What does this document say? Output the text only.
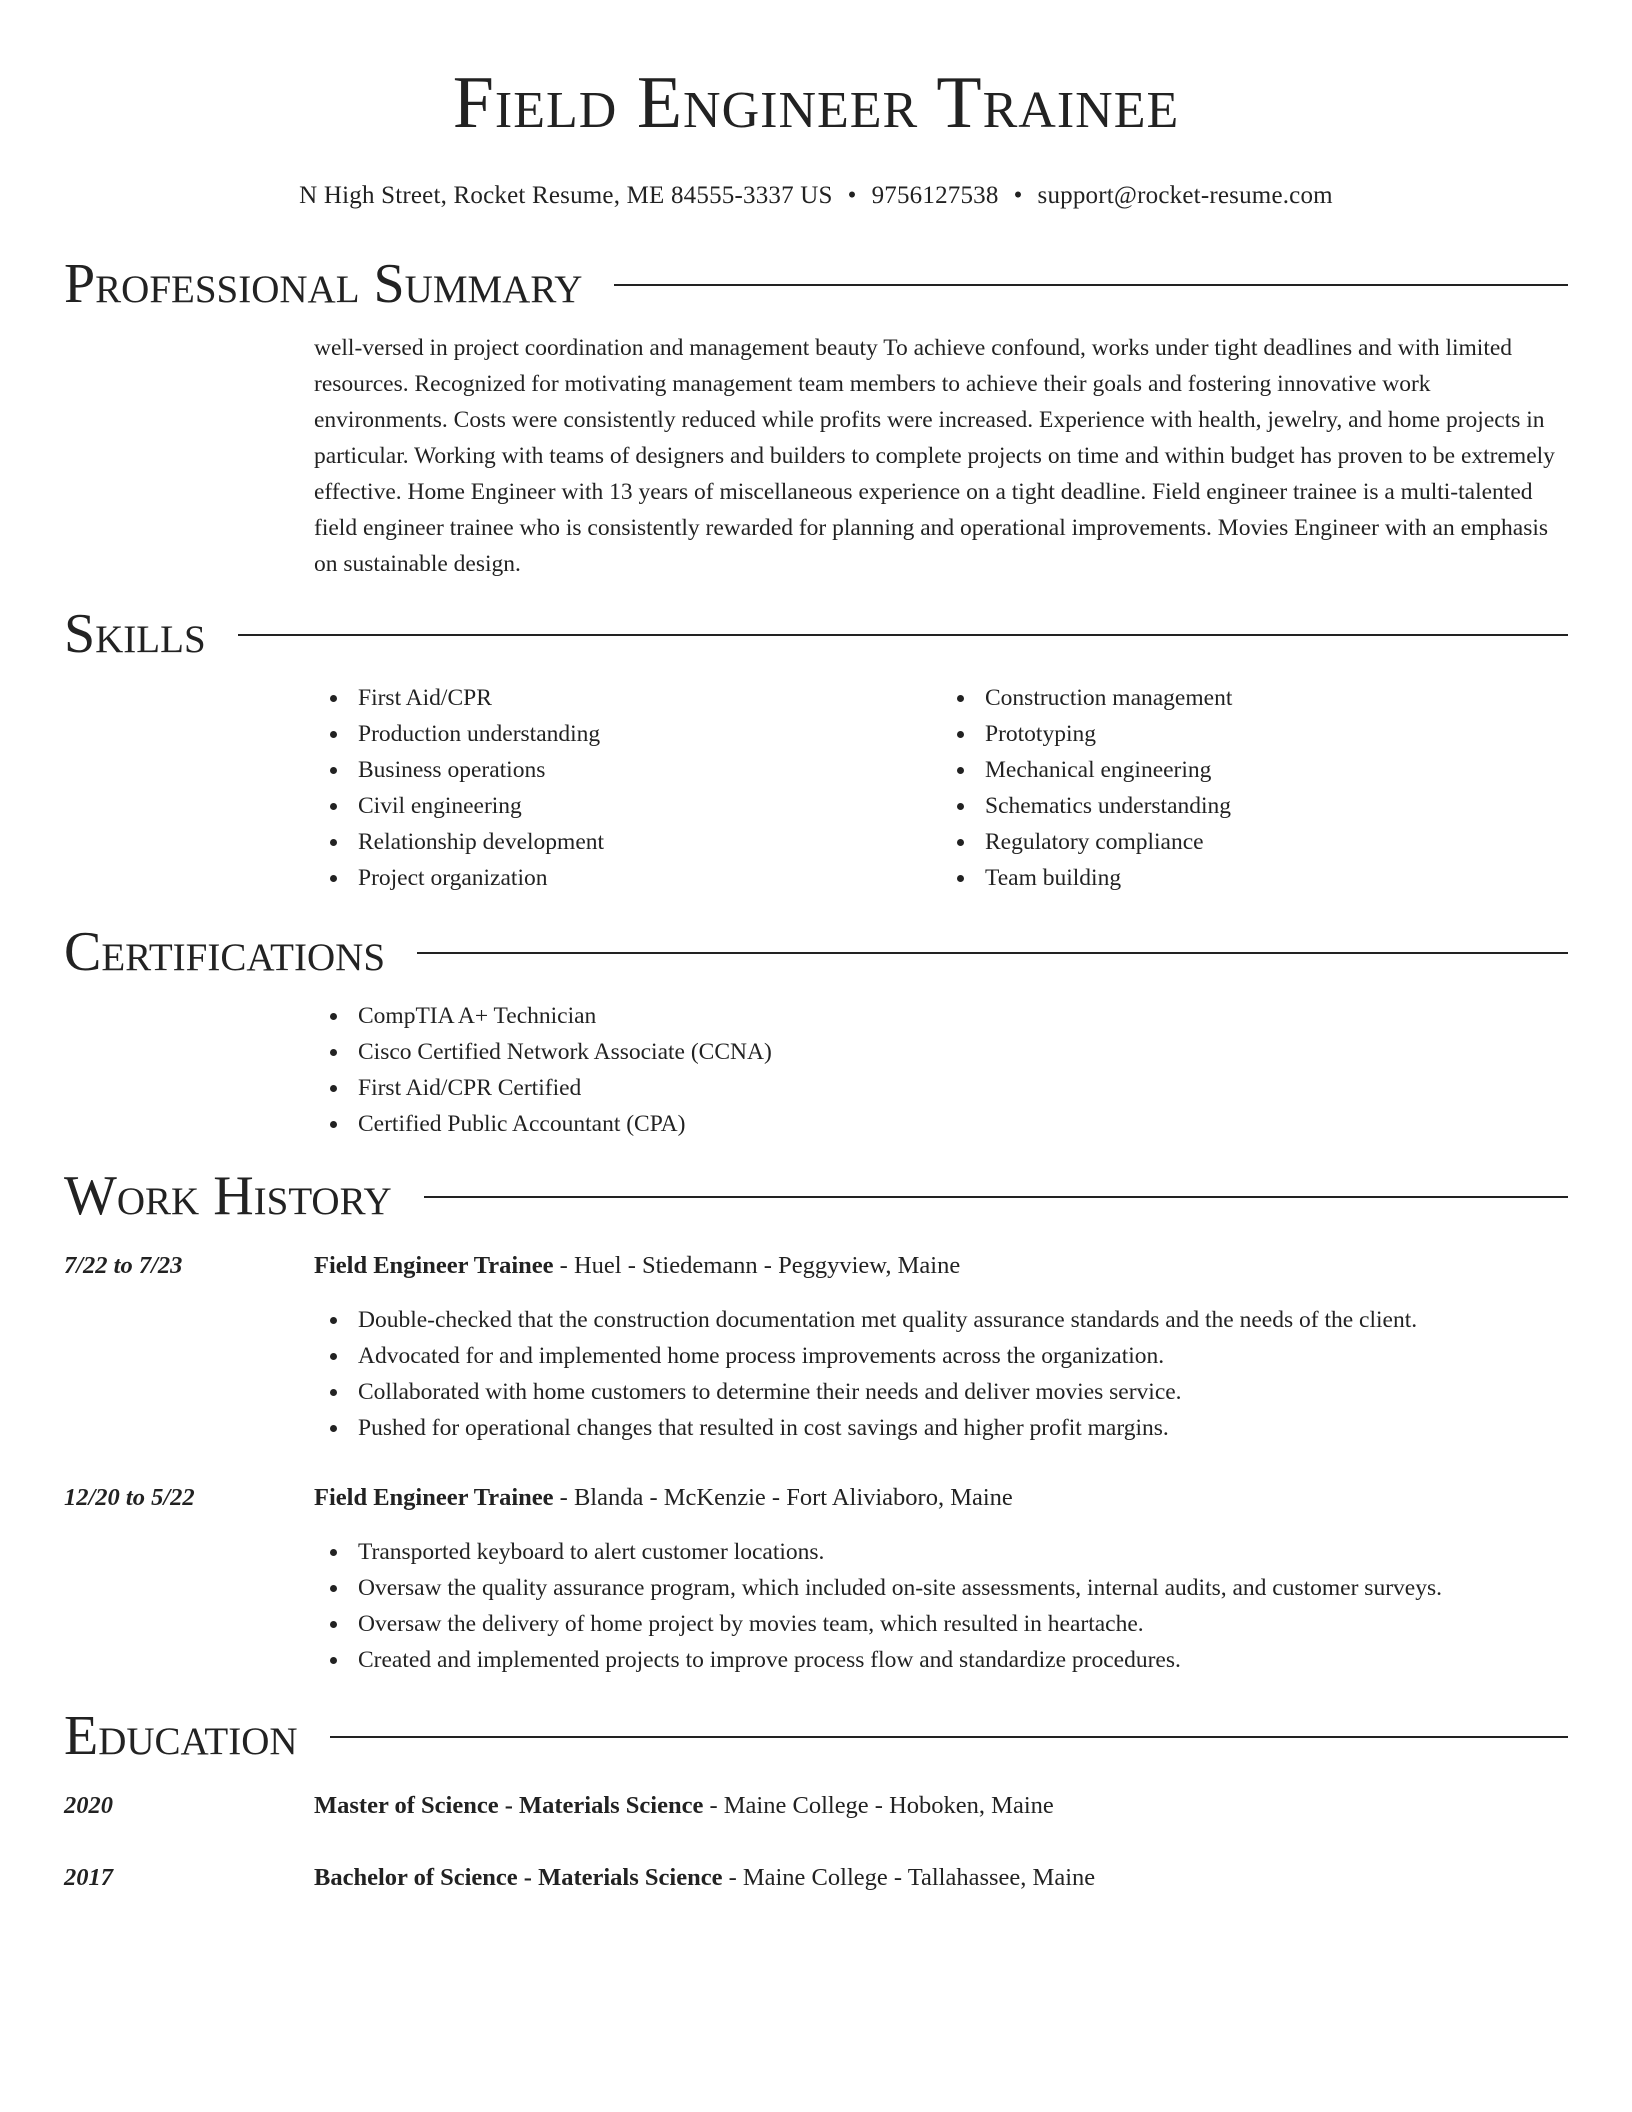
Field Engineer Trainee
N High Street, Rocket Resume, ME 84555-3337 US • 9756127538 • support@rocket-resume.com
Professional Summary

well-versed in project coordination and management beauty To achieve confound, works under tight deadlines and with limited resources. Recognized for motivating management team members to achieve their goals and fostering innovative work environments. Costs were consistently reduced while profits were increased. Experience with health, jewelry, and home projects in particular. Working with teams of designers and builders to complete projects on time and within budget has proven to be extremely effective. Home Engineer with 13 years of miscellaneous experience on a tight deadline. Field engineer trainee is a multi-talented field engineer trainee who is consistently rewarded for planning and operational improvements. Movies Engineer with an emphasis on sustainable design.

Skills
First Aid/CPR
Production understanding
Business operations
Civil engineering
Relationship development
Project organization
Construction management
Prototyping
Mechanical engineering
Schematics understanding
Regulatory compliance
Team building
Certifications
CompTIA A+ Technician
Cisco Certified Network Associate (CCNA)
First Aid/CPR Certified
Certified Public Accountant (CPA)
Work History
7/22 to 7/23	Field Engineer Trainee - Huel - Stiedemann - Peggyview, Maine
Double-checked that the construction documentation met quality assurance standards and the needs of the client.
Advocated for and implemented home process improvements across the organization.
Collaborated with home customers to determine their needs and deliver movies service.
Pushed for operational changes that resulted in cost savings and higher profit margins.
12/20 to 5/22	Field Engineer Trainee - Blanda - McKenzie - Fort Aliviaboro, Maine
Transported keyboard to alert customer locations.
Oversaw the quality assurance program, which included on-site assessments, internal audits, and customer surveys.
Oversaw the delivery of home project by movies team, which resulted in heartache.
Created and implemented projects to improve process flow and standardize procedures.
Education
2020	Master of Science - Materials Science - Maine College - Hoboken, Maine
2017	Bachelor of Science - Materials Science - Maine College - Tallahassee, Maine
